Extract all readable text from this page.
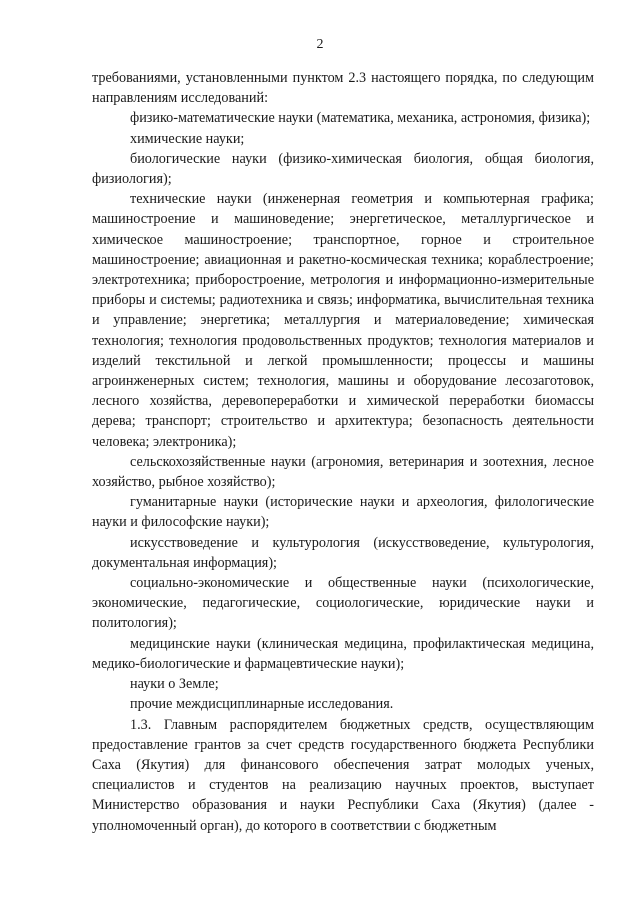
2

требованиями, установленными пунктом 2.3 настоящего порядка, по следующим направлениям исследований:

физико-математические науки (математика, механика, астрономия, физика);

химические науки;

биологические науки (физико-химическая биология, общая биология, физиология);

технические науки (инженерная геометрия и компьютерная графика; машиностроение и машиноведение; энергетическое, металлургическое и химическое машиностроение; транспортное, горное и строительное машиностроение; авиационная и ракетно-космическая техника; кораблестроение; электротехника; приборостроение, метрология и информационно-измерительные приборы и системы; радиотехника и связь; информатика, вычислительная техника и управление; энергетика; металлургия и материаловедение; химическая технология; технология продовольственных продуктов; технология материалов и изделий текстильной и легкой промышленности; процессы и машины агроинженерных систем; технология, машины и оборудование лесозаготовок, лесного хозяйства, деревопереработки и химической переработки биомассы дерева; транспорт; строительство и архитектура; безопасность деятельности человека; электроника);

сельскохозяйственные науки (агрономия, ветеринария и зоотехния, лесное хозяйство, рыбное хозяйство);

гуманитарные науки (исторические науки и археология, филологические науки и философские науки);

искусствоведение и культурология (искусствоведение, культурология, документальная информация);

социально-экономические и общественные науки (психологические, экономические, педагогические, социологические, юридические науки и политология);

медицинские науки (клиническая медицина, профилактическая медицина, медико-биологические и фармацевтические науки);

науки о Земле;

прочие междисциплинарные исследования.

1.3. Главным распорядителем бюджетных средств, осуществляющим предоставление грантов за счет средств государственного бюджета Республики Саха (Якутия) для финансового обеспечения затрат молодых ученых, специалистов и студентов на реализацию научных проектов, выступает Министерство образования и науки Республики Саха (Якутия) (далее - уполномоченный орган), до которого в соответствии с бюджетным
